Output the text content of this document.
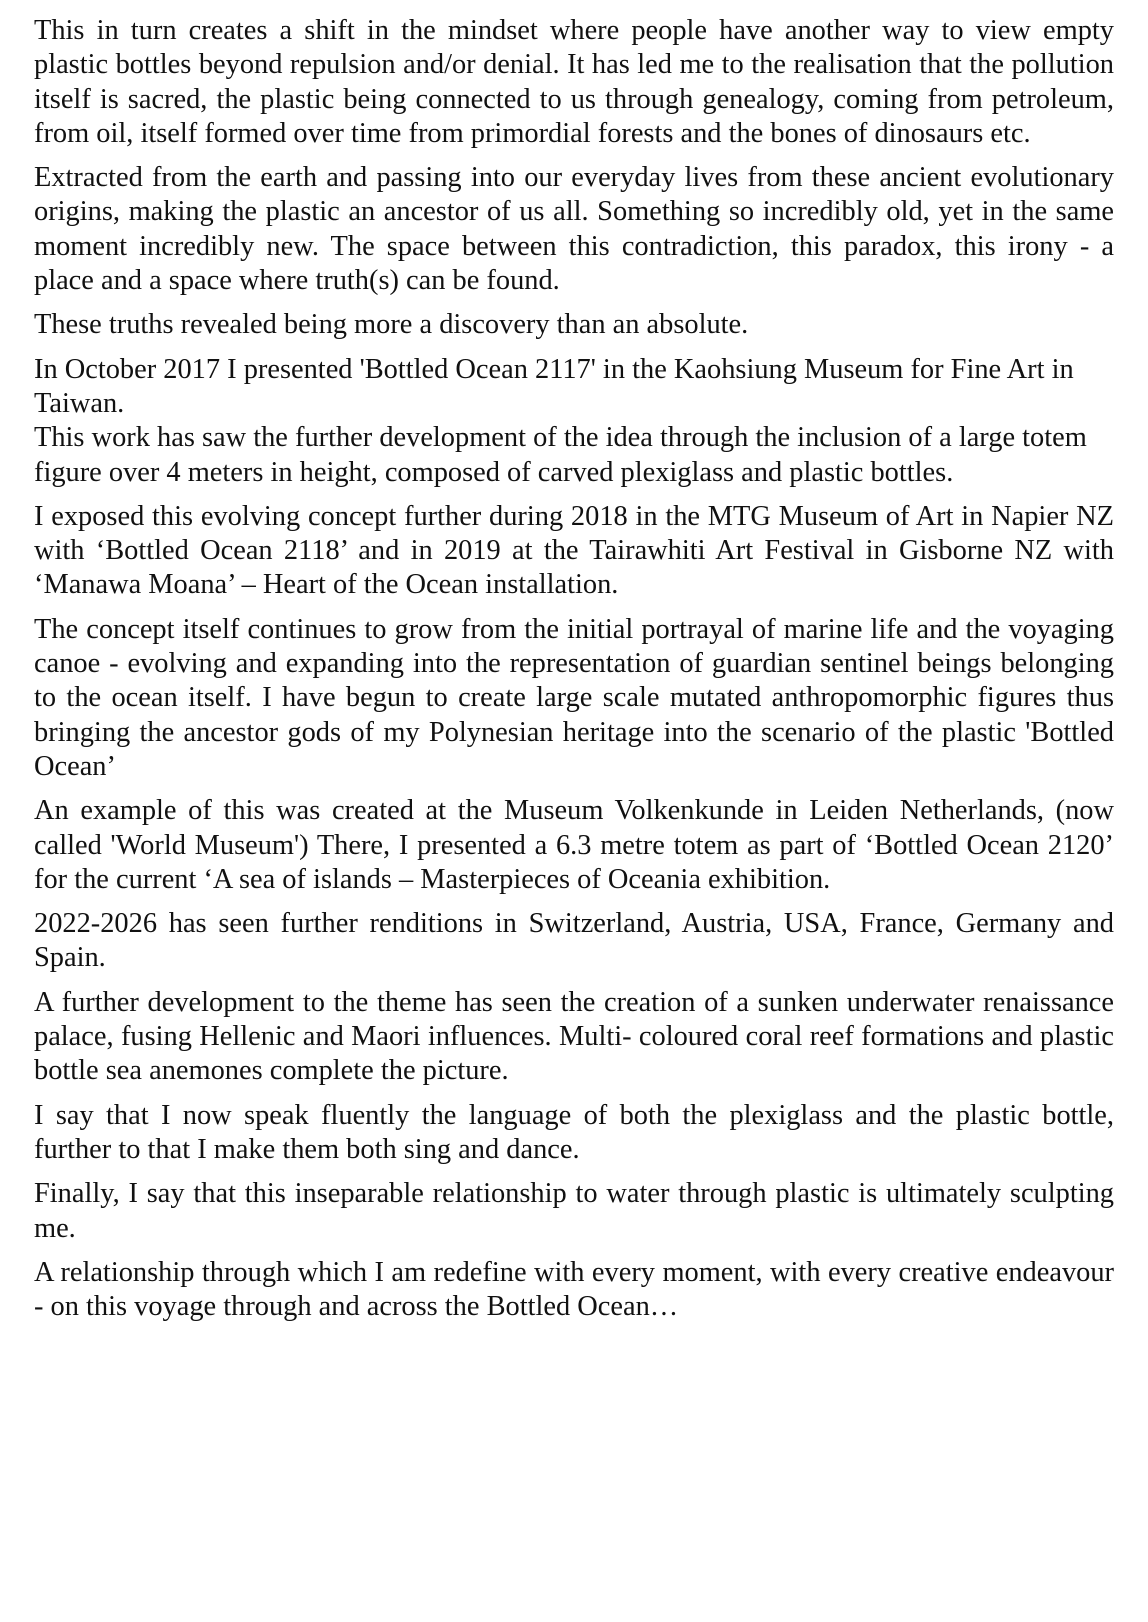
This in turn creates a shift in the mindset where people have another way to view empty plastic bottles beyond repulsion and/or denial. It has led me to the realisation that the pollution itself is sacred, the plastic being connected to us through genealogy, coming from petroleum, from oil, itself formed over time from primordial forests and the bones of dinosaurs etc.

Extracted from the earth and passing into our everyday lives from these ancient evolutionary origins, making the plastic an ancestor of us all. Something so incredibly old, yet in the same moment incredibly new. The space between this contradiction, this paradox, this irony - a place and a space where truth(s) can be found.

These truths revealed being more a discovery than an absolute.

In October 2017 I presented 'Bottled Ocean 2117' in the Kaohsiung Museum for Fine Art in Taiwan.

This work has saw the further development of the idea through the inclusion of a large totem figure over 4 meters in height, composed of carved plexiglass and plastic bottles.

I exposed this evolving concept further during 2018 in the MTG Museum of Art in Napier NZ with ‘Bottled Ocean 2118’ and in 2019 at the Tairawhiti Art Festival in Gisborne NZ with ‘Manawa Moana’ – Heart of the Ocean installation.

The concept itself continues to grow from the initial portrayal of marine life and the voyaging canoe - evolving and expanding into the representation of guardian sentinel beings belonging to the ocean itself. I have begun to create large scale mutated anthropomorphic figures thus bringing the ancestor gods of my Polynesian heritage into the scenario of the plastic 'Bottled Ocean’

An example of this was created at the Museum Volkenkunde in Leiden Netherlands, (now called 'World Museum') There, I presented a 6.3 metre totem as part of ‘Bottled Ocean 2120’ for the current ‘A sea of islands – Masterpieces of Oceania exhibition.

2022-2026 has seen further renditions in Switzerland, Austria, USA, France, Germany and Spain.

A further development to the theme has seen the creation of a sunken underwater renaissance palace, fusing Hellenic and Maori influences. Multi- coloured coral reef formations and plastic bottle sea anemones complete the picture.

I say that I now speak fluently the language of both the plexiglass and the plastic bottle, further to that I make them both sing and dance.

Finally, I say that this inseparable relationship to water through plastic is ultimately sculpting me.

A relationship through which I am redefine with every moment, with every creative endeavour - on this voyage through and across the Bottled Ocean…
